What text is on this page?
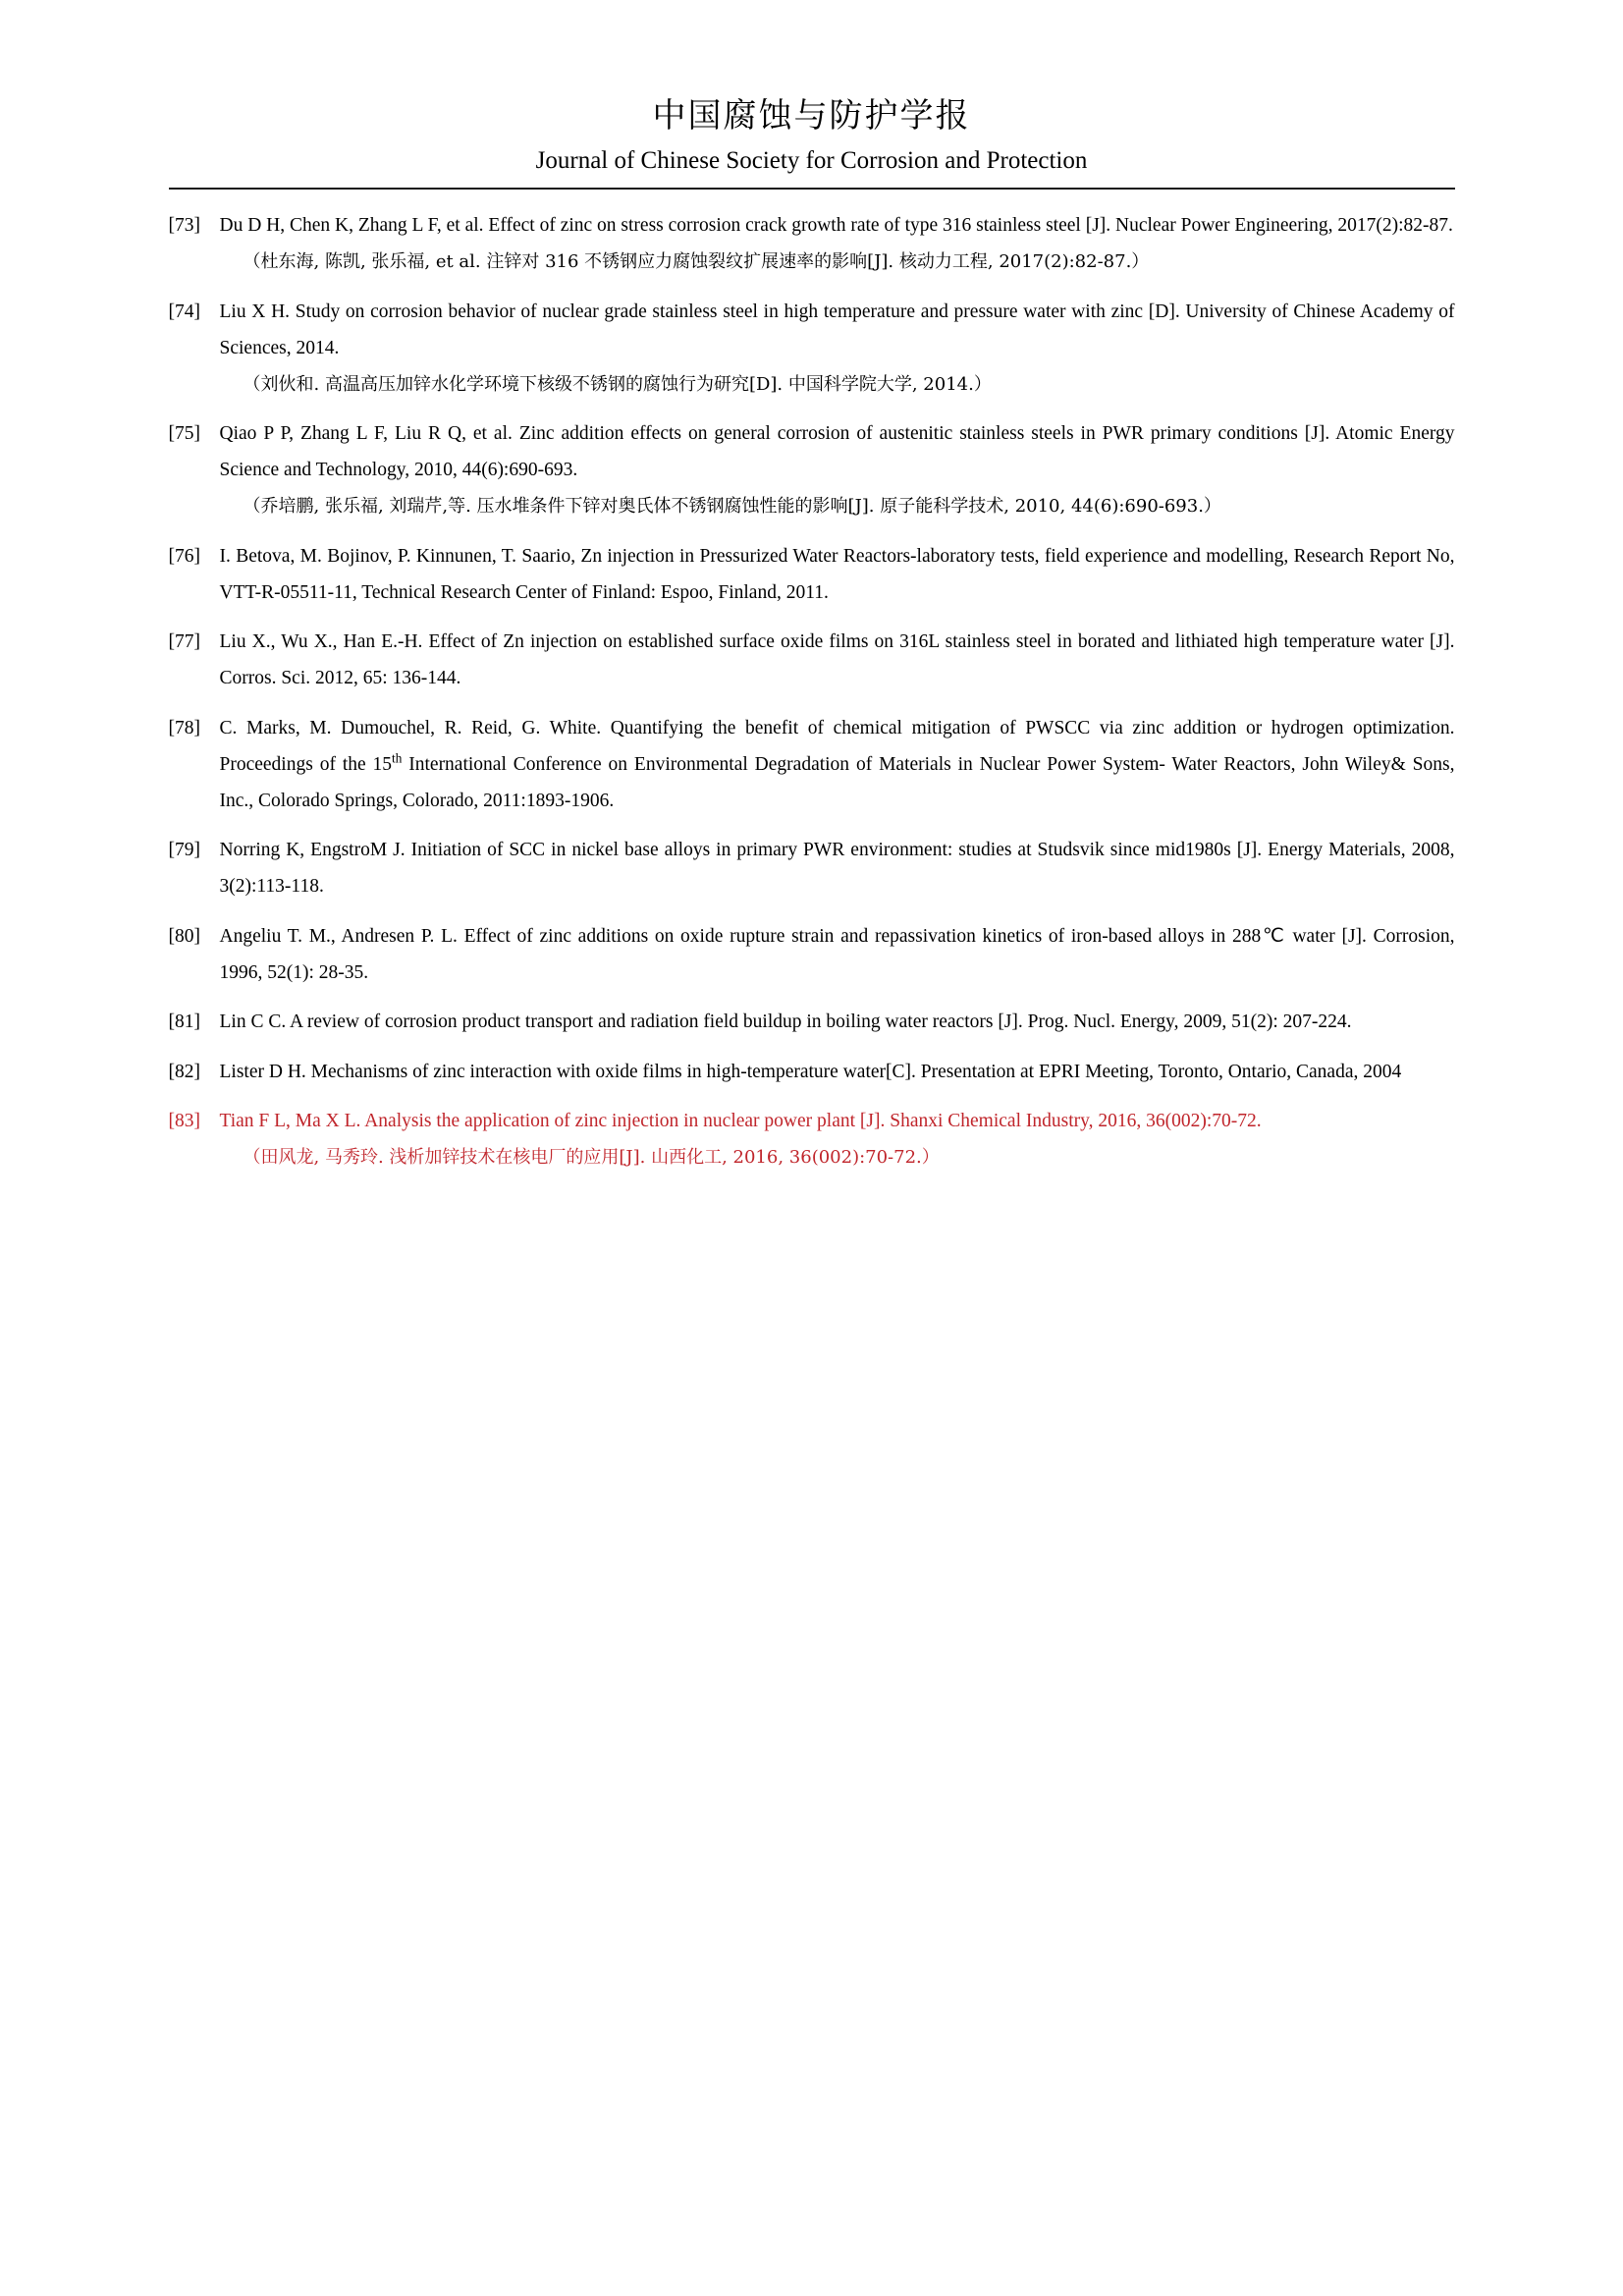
中国腐蚀与防护学报
Journal of Chinese Society for Corrosion and Protection
[73]	Du D H, Chen K, Zhang L F, et al. Effect of zinc on stress corrosion crack growth rate of type 316 stainless steel [J]. Nuclear Power Engineering, 2017(2):82-87.
（杜东海, 陈凯, 张乐福, et al. 注锌对 316 不锈钢应力腐蚀裂纹扩展速率的影响[J]. 核动力工程, 2017(2):82-87.）
[74]	Liu X H. Study on corrosion behavior of nuclear grade stainless steel in high temperature and pressure water with zinc [D]. University of Chinese Academy of Sciences, 2014.
（刘伙和. 高温高压加锌水化学环境下核级不锈钢的腐蚀行为研究[D]. 中国科学院大学, 2014.）
[75]	Qiao P P, Zhang L F, Liu R Q, et al. Zinc addition effects on general corrosion of austenitic stainless steels in PWR primary conditions [J]. Atomic Energy Science and Technology, 2010, 44(6):690-693.
（乔培鹏, 张乐福, 刘瑞芹,等. 压水堆条件下锌对奥氏体不锈钢腐蚀性能的影响[J]. 原子能科学技术, 2010, 44(6):690-693.）
[76]	I. Betova, M. Bojinov, P. Kinnunen, T. Saario, Zn injection in Pressurized Water Reactors-laboratory tests, field experience and modelling, Research Report No, VTT-R-05511-11, Technical Research Center of Finland: Espoo, Finland, 2011.
[77]	Liu X., Wu X., Han E.-H. Effect of Zn injection on established surface oxide films on 316L stainless steel in borated and lithiated high temperature water [J]. Corros. Sci. 2012, 65: 136-144.
[78]	C. Marks, M. Dumouchel, R. Reid, G. White. Quantifying the benefit of chemical mitigation of PWSCC via zinc addition or hydrogen optimization. Proceedings of the 15th International Conference on Environmental Degradation of Materials in Nuclear Power System- Water Reactors, John Wiley& Sons, Inc., Colorado Springs, Colorado, 2011:1893-1906.
[79]	Norring K, EngstroM J. Initiation of SCC in nickel base alloys in primary PWR environment: studies at Studsvik since mid1980s [J]. Energy Materials, 2008, 3(2):113-118.
[80]	Angeliu T. M., Andresen P. L. Effect of zinc additions on oxide rupture strain and repassivation kinetics of iron-based alloys in 288℃ water [J]. Corrosion, 1996, 52(1): 28-35.
[81]	Lin C C. A review of corrosion product transport and radiation field buildup in boiling water reactors [J]. Prog. Nucl. Energy, 2009, 51(2): 207-224.
[82]	Lister D H. Mechanisms of zinc interaction with oxide films in high-temperature water[C]. Presentation at EPRI Meeting, Toronto, Ontario, Canada, 2004
[83]	Tian F L, Ma X L. Analysis the application of zinc injection in nuclear power plant [J]. Shanxi Chemical Industry, 2016, 36(002):70-72.
（田风龙, 马秀玲. 浅析加锌技术在核电厂的应用[J]. 山西化工, 2016, 36(002):70-72.）
